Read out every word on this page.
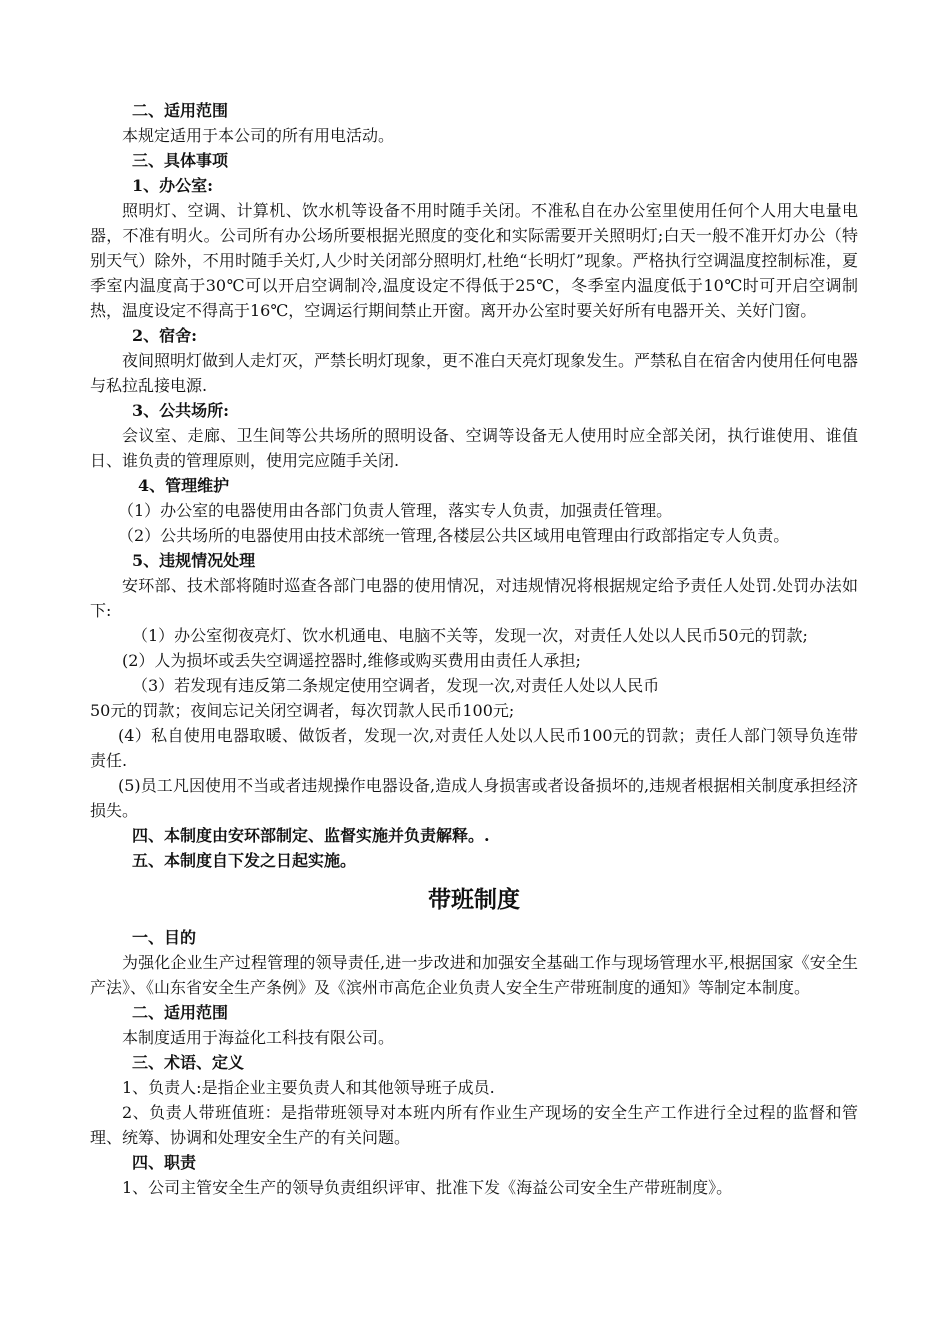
二、适用范围

本规定适用于本公司的所有用电活动。

三、具体事项

1、办公室:

照明灯、空调、计算机、饮水机等设备不用时随手关闭。不准私自在办公室里使用任何个人用大电量电器，不准有明火。公司所有办公场所要根据光照度的变化和实际需要开关照明灯;白天一般不准开灯办公（特别天气）除外，不用时随手关灯,人少时关闭部分照明灯,杜绝“长明灯”现象。严格执行空调温度控制标准，夏季室内温度高于30℃可以开启空调制冷,温度设定不得低于25℃，冬季室内温度低于10℃时可开启空调制热，温度设定不得高于16℃，空调运行期间禁止开窗。离开办公室时要关好所有电器开关、关好门窗。

2、宿舍:

夜间照明灯做到人走灯灭，严禁长明灯现象，更不准白天亮灯现象发生。严禁私自在宿舍内使用任何电器与私拉乱接电源.

3、公共场所:

会议室、走廊、卫生间等公共场所的照明设备、空调等设备无人使用时应全部关闭，执行谁使用、谁值日、谁负责的管理原则，使用完应随手关闭.

4、管理维护

（1）办公室的电器使用由各部门负责人管理，落实专人负责，加强责任管理。

（2）公共场所的电器使用由技术部统一管理,各楼层公共区域用电管理由行政部指定专人负责。

5、违规情况处理

安环部、技术部将随时巡查各部门电器的使用情况，对违规情况将根据规定给予责任人处罚.处罚办法如下:

（1）办公室彻夜亮灯、饮水机通电、电脑不关等，发现一次，对责任人处以人民币50元的罚款;

(2）人为损坏或丢失空调遥控器时,维修或购买费用由责任人承担;

（3）若发现有违反第二条规定使用空调者，发现一次,对责任人处以人民币

50元的罚款；夜间忘记关闭空调者，每次罚款人民币100元;

(4）私自使用电器取暖、做饭者，发现一次,对责任人处以人民币100元的罚款；责任人部门领导负连带责任.

(5)员工凡因使用不当或者违规操作电器设备,造成人身损害或者设备损坏的,违规者根据相关制度承担经济损失。

四、本制度由安环部制定、监督实施并负责解释。.

五、本制度自下发之日起实施。

带班制度

一、目的

为强化企业生产过程管理的领导责任,进一步改进和加强安全基础工作与现场管理水平,根据国家《安全生产法》、《山东省安全生产条例》及《滨州市高危企业负责人安全生产带班制度的通知》等制定本制度。

二、适用范围

本制度适用于海益化工科技有限公司。

三、术语、定义

1、负责人:是指企业主要负责人和其他领导班子成员.

2、负责人带班值班：是指带班领导对本班内所有作业生产现场的安全生产工作进行全过程的监督和管理、统筹、协调和处理安全生产的有关问题。

四、职责

1、公司主管安全生产的领导负责组织评审、批准下发《海益公司安全生产带班制度》。
